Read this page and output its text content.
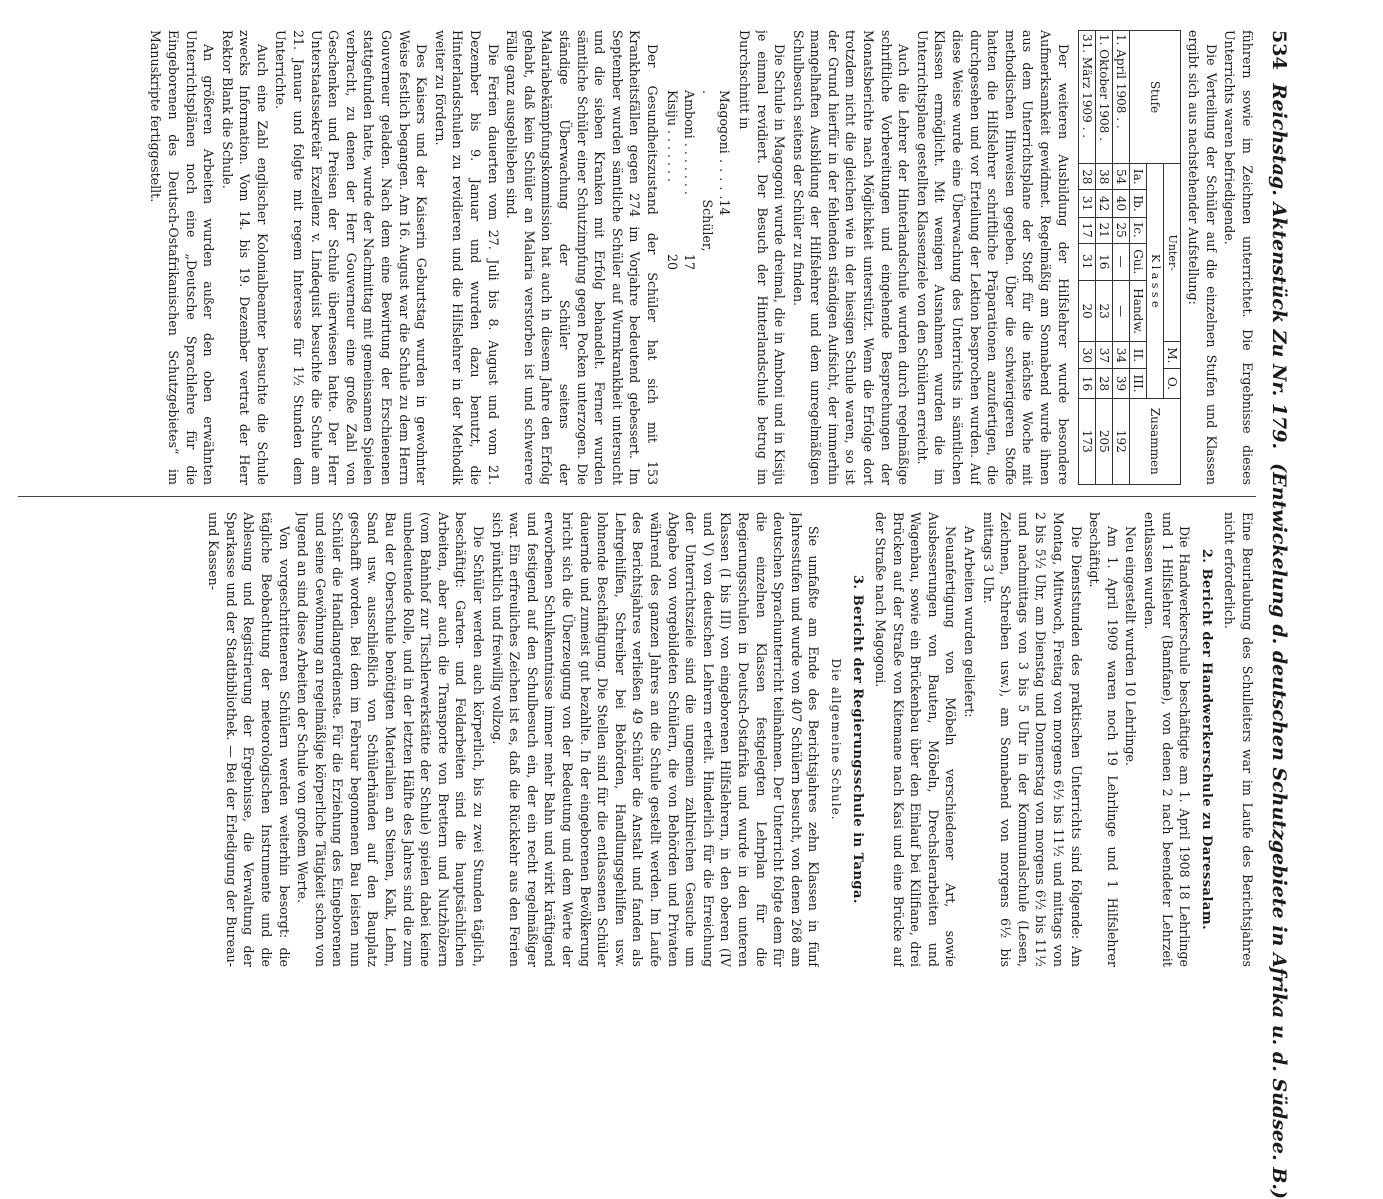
534
Reichstag. Aktenstück Zu Nr. 179.
(Entwickelung d. deutschen Schutzgebiete in Afrika u. d. Südsee. B.)

führern sowie im Zeichnen unterrichtet. Die Ergebnisse dieses Unterrichts waren befriedigende.

Die Verteilung der Schüler auf die einzelnen Stufen und Klassen ergibt sich aus nachstehender Aufstellung:

Stufe	Unter-					M.	O.	Zusammen
	K l a s s e							
	Ia.	Ib.	Ic.	Gui.	Handw.	II.	III.	
1. April 1908 . .	54	40	25	—	—	34	39	192
1. Oktober 1908 .	38	42	21	16	23	37	28	205
31. März 1909 . .	28	31	17	31	20	30	16	173

Der weiteren Ausbildung der Hilfslehrer wurde besondere Aufmerksamkeit gewidmet. Regelmäßig am Sonnabend wurde ihnen aus dem Unterrichtsplane der Stoff für die nächste Woche mit methodischen Hinweisen gegeben. Über die schwierigeren Stoffe hatten die Hilfslehrer schriftliche Präparationen anzufertigen, die durchgesehen und vor Erteilung der Lektion besprochen wurden. Auf diese Weise wurde eine Überwachung des Unterrichts in sämtlichen Klassen ermöglicht. Mit wenigen Ausnahmen wurden die im Unterrichtsplane gestellten Klassenziele von den Schülern erreicht.

Auch die Lehrer der Hinterlandschule wurden durch regelmäßige schriftliche Vorbereitungen und eingehende Besprechungen der Monatsberichte nach Möglichkeit unterstützt. Wenn die Erfolge dort trotzdem nicht die gleichen wie in der hiesigen Schule waren, so ist der Grund hierfür in der fehlenden ständigen Aufsicht, der immerhin mangelhaften Ausbildung der Hilfslehrer und dem unregelmäßigen Schulbesuch seitens der Schüler zu finden.

Die Schule in Magogoni wurde dreimal, die in Amboni und in Kisiju je einmal revidiert. Der Besuch der Hinterlandschule betrug im Durchschnitt in

Magogoni . . . . . .
14 Schüler,
Amboni . . . . . . .
17
Kisiju . . . . . . .
20

Der Gesundheitszustand der Schüler hat sich mit 153 Krankheitsfällen gegen 274 im Vorjahre bedeutend gebessert. Im September wurden sämtliche Schüler auf Wurmkrankheit untersucht und die sieben Kranken mit Erfolg behandelt. Ferner wurden sämtliche Schüler einer Schutzimpfung gegen Pocken unterzogen. Die ständige Überwachung der Schüler seitens der Malariabekämpfungskommission hat auch in diesem Jahre den Erfolg gehabt, daß kein Schüler an Malaria verstorben ist und schwerere Fälle ganz ausgeblieben sind.

Die Ferien dauerten vom 27. Juli bis 8. August und vom 21. Dezember bis 9. Januar und wurden dazu benutzt, die Hinterlandschulen zu revidieren und die Hilfslehrer in der Methodik weiter zu fördern.

Des Kaisers und der Kaiserin Geburtstag wurden in gewohnter Weise festlich begangen. Am 16. August war die Schule zu dem Herrn Gouverneur geladen. Nach dem eine Bewirtung der Erschienenen stattgefunden hatte, wurde der Nachmittag mit gemeinsamen Spielen verbracht, zu denen der Herr Gouverneur eine große Zahl von Geschenken und Preisen der Schule überwiesen hatte. Der Herr Unterstaatssekretär Exzellenz v. Lindequist besuchte die Schule am 21. Januar und folgte mit regem Interesse für 1½ Stunden dem Unterrichte.

Auch eine Zahl englischer Kolonialbeamter besuchte die Schule zwecks Information. Vom 14. bis 19. Dezember vertrat der Herr Rektor Blank die Schule.

An größeren Arbeiten wurden außer den oben erwähnten Unterrichtsplänen noch eine „Deutsche Sprachlehre für die Eingeborenen des Deutsch-Ostafrikanischen Schutzgebietes“ im Manuskripte fertiggestellt.

Eine Beurlaubung des Schulleiters war im Laufe des Berichtsjahres nicht erforderlich.

2. Bericht der Handwerkerschule zu Daressalam.

Die Handwerkerschule beschäftigte am 1. April 1908 18 Lehrlinge und 1 Hilfslehrer (Bamfane), von denen 2 nach beendeter Lehrzeit entlassen wurden.

Neu eingestellt wurden 10 Lehrlinge.

Am 1. April 1909 waren noch 19 Lehrlinge und 1 Hilfslehrer beschäftigt.

Die Dienststunden des praktischen Unterrichts sind folgende: Am Montag, Mittwoch, Freitag von morgens 6½ bis 11½ und mittags von 2 bis 5½ Uhr, am Dienstag und Donnerstag von morgens 6½ bis 11½ und nachmittags von 3 bis 5 Uhr in der Kommunalschule (Lesen, Zeichnen, Schreiben usw.), am Sonnabend von morgens 6½ bis mittags 3 Uhr.

An Arbeiten wurden geliefert:

Neuanfertigung von Möbeln verschiedener Art, sowie Ausbesserungen von Bauten, Möbeln, Drechslerarbeiten und Wagenbau, sowie ein Brückenbau über den Einlauf bei Kilifiane, drei Brücken auf der Straße von Kitemane nach Kasi und eine Brücke auf der Straße nach Magogoni.

3. Bericht der Regierungsschule in Tanga.
Die allgemeine Schule.

Sie umfaßte am Ende des Berichtsjahres zehn Klassen in fünf Jahresstufen und wurde von 407 Schülern besucht, von denen 268 am deutschen Sprachunterricht teilnahmen. Der Unterricht folgte dem für die einzelnen Klassen festgelegten Lehrplan für die Regierungsschulen in Deutsch-Ostafrika und wurde in den unteren Klassen (I bis III) von eingeborenen Hilfslehrern, in den oberen (IV und V) von deutschen Lehrern erteilt. Hinderlich für die Erreichung der Unterrichtsziele sind die ungemein zahlreichen Gesuche um Abgabe von vorgebildeten Schülern, die von Behörden und Privaten während des ganzen Jahres an die Schule gestellt werden. Im Laufe des Berichtsjahres verließen 49 Schüler die Anstalt und fanden als Lehrgehilfen, Schreiber bei Behörden, Handlungsgehilfen usw. lohnende Beschäftigung. Die Stellen sind für die entlassenen Schüler dauernde und zumeist gut bezahlte. In der eingeborenen Bevölkerung bricht sich die Überzeugung von der Bedeutung und dem Werte der erworbenen Schulkenntnisse immer mehr Bahn und wirkt kräftigend und festigend auf den Schulbesuch ein, der ein recht regelmäßiger war. Ein erfreuliches Zeichen ist es, daß die Rückkehr aus den Ferien sich pünktlich und freiwillig vollzog.

Die Schüler werden auch körperlich, bis zu zwei Stunden täglich, beschäftigt: Garten- und Feldarbeiten sind die hauptsächlichen Arbeiten, aber auch die Transporte von Brettern und Nutzhölzern (vom Bahnhof zur Tischlerwerkstätte der Schule) spielen dabei keine unbedeutende Rolle, und in der letzten Hälfte des Jahres sind die zum Bau der Oberschule benötigten Materialien an Steinen, Kalk, Lehm, Sand usw. ausschließlich von Schülerhänden auf den Bauplatz geschafft worden. Bei dem im Februar begonnenen Bau leisten nun Schüler die Handlangerdienste. Für die Erziehung des Eingeborenen und seine Gewöhnung an regelmäßige körperliche Tätigkeit schon von Jugend an sind diese Arbeiten der Schule von großem Werte.

Von vorgeschritteneren Schülern werden weiterhin besorgt: die tägliche Beobachtung der meteorologischen Instrumente und die Ablesung und Registrierung der Ergebnisse, die Verwaltung der Sparkasse und der Stadtbibliothek. — Bei der Erledigung der Bureau- und Kassen-
